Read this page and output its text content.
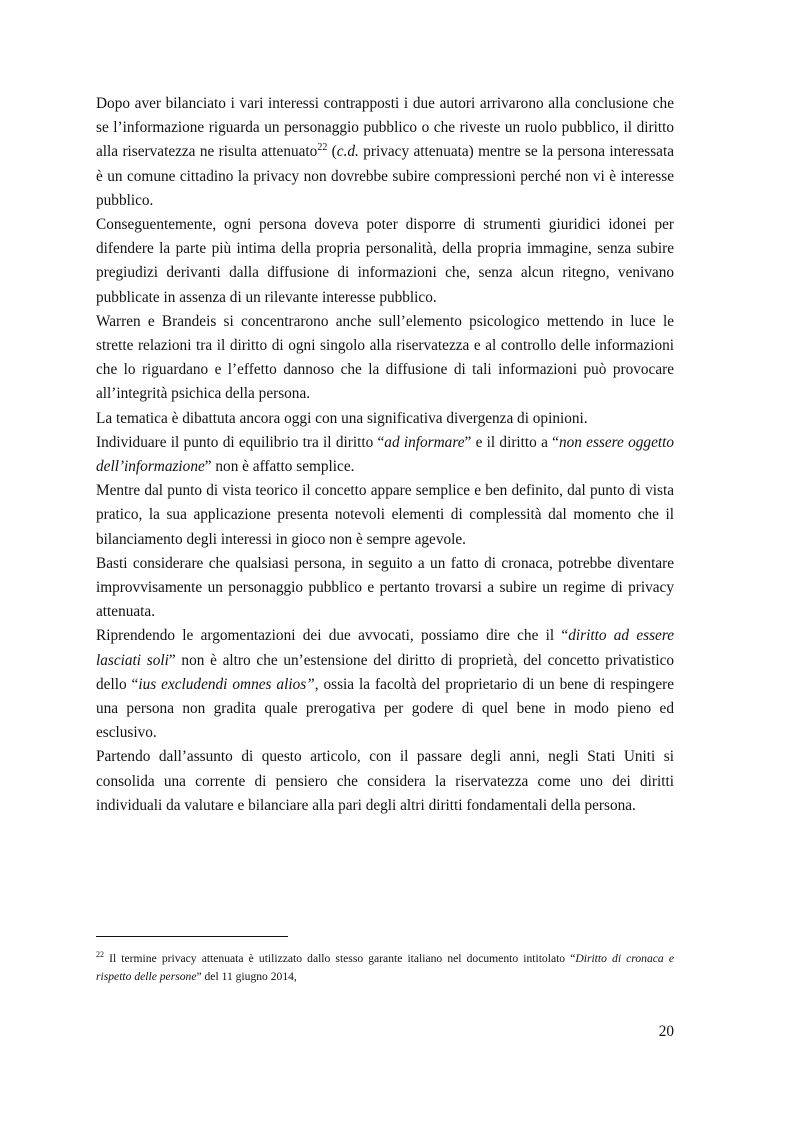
Dopo aver bilanciato i vari interessi contrapposti i due autori arrivarono alla conclusione che se l’informazione riguarda un personaggio pubblico o che riveste un ruolo pubblico, il diritto alla riservatezza ne risulta attenuato$^{22}$ (c.d. privacy attenuata) mentre se la persona interessata è un comune cittadino la privacy non dovrebbe subire compressioni perché non vi è interesse pubblico.

Conseguentemente, ogni persona doveva poter disporre di strumenti giuridici idonei per difendere la parte più intima della propria personalità, della propria immagine, senza subire pregiudizi derivanti dalla diffusione di informazioni che, senza alcun ritegno, venivano pubblicate in assenza di un rilevante interesse pubblico.

Warren e Brandeis si concentrarono anche sull’elemento psicologico mettendo in luce le strette relazioni tra il diritto di ogni singolo alla riservatezza e al controllo delle informazioni che lo riguardano e l’effetto dannoso che la diffusione di tali informazioni può provocare all’integrità psichica della persona.

La tematica è dibattuta ancora oggi con una significativa divergenza di opinioni.

Individuare il punto di equilibrio tra il diritto “ad informare” e il diritto a “non essere oggetto dell’informazione” non è affatto semplice.

Mentre dal punto di vista teorico il concetto appare semplice e ben definito, dal punto di vista pratico, la sua applicazione presenta notevoli elementi di complessità dal momento che il bilanciamento degli interessi in gioco non è sempre agevole.

Basti considerare che qualsiasi persona, in seguito a un fatto di cronaca, potrebbe diventare improvvisamente un personaggio pubblico e pertanto trovarsi a subire un regime di privacy attenuata.

Riprendendo le argomentazioni dei due avvocati, possiamo dire che il “diritto ad essere lasciati soli” non è altro che un’estensione del diritto di proprietà, del concetto privatistico dello “ius excludendi omnes alios”, ossia la facoltà del proprietario di un bene di respingere una persona non gradita quale prerogativa per godere di quel bene in modo pieno ed esclusivo.

Partendo dall’assunto di questo articolo, con il passare degli anni, negli Stati Uniti si consolida una corrente di pensiero che considera la riservatezza come uno dei diritti individuali da valutare e bilanciare alla pari degli altri diritti fondamentali della persona.

$^{22}$ Il termine privacy attenuata è utilizzato dallo stesso garante italiano nel documento intitolato “Diritto di cronaca e rispetto delle persone” del 11 giugno 2014,
20
